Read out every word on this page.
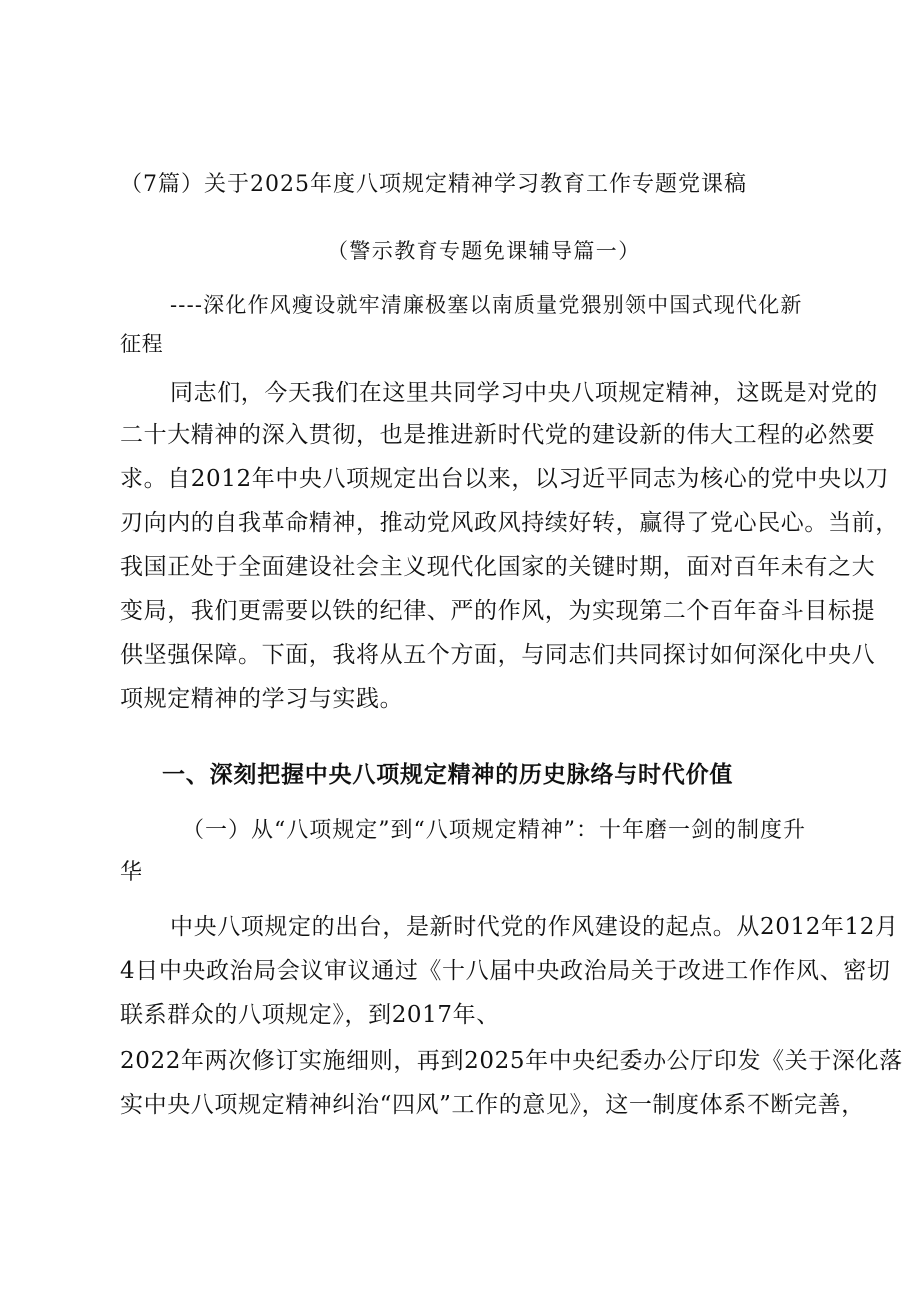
（7篇）关于2025年度八项规定精神学习教育工作专题党课稿
（警示教育专题免课辅导篇一）
----深化作风瘦设就牢清廉极塞以南质量党猥别领中国式现代化新
征程
同志们，今天我们在这里共同学习中央八项规定精神，这既是对党的
二十大精神的深入贯彻，也是推进新时代党的建设新的伟大工程的必然要
求。自2012年中央八项规定出台以来，以习近平同志为核心的党中央以刀
刃向内的自我革命精神，推动党风政风持续好转，赢得了党心民心。当前，
我国正处于全面建设社会主义现代化国家的关键时期，面对百年未有之大
变局，我们更需要以铁的纪律、严的作风，为实现第二个百年奋斗目标提
供坚强保障。下面，我将从五个方面，与同志们共同探讨如何深化中央八
项规定精神的学习与实践。
一、深刻把握中央八项规定精神的历史脉络与时代价值
（一）从“八项规定”到“八项规定精神”：十年磨一剑的制度升
华
中央八项规定的出台，是新时代党的作风建设的起点。从2012年12月
4日中央政治局会议审议通过《十八届中央政治局关于改进工作作风、密切
联系群众的八项规定》，到2017年、
2022年两次修订实施细则，再到2025年中央纪委办公厅印发《关于深化落
实中央八项规定精神纠治“四风”工作的意见》，这一制度体系不断完善，
